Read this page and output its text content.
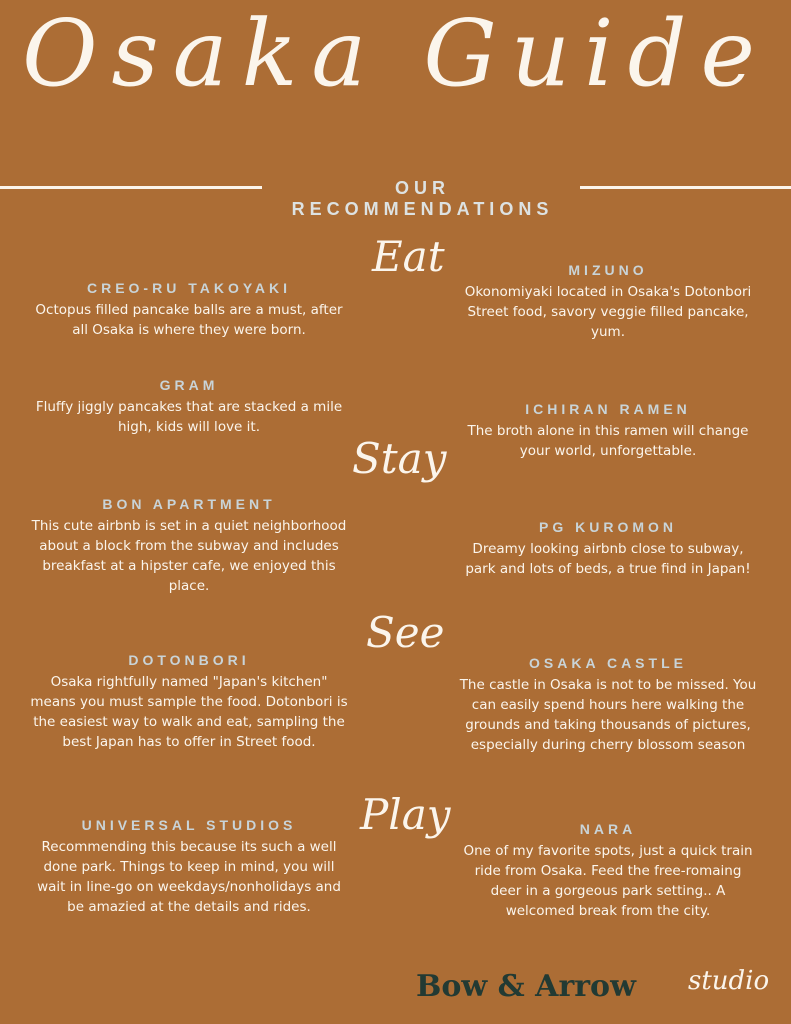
Osaka Guide
OUR RECOMMENDATIONS
Eat
Stay
See
Play
CREO-RU TAKOYAKI
Octopus filled pancake balls are a must, after all Osaka is where they were born.
GRAM
Fluffy jiggly pancakes that are stacked a mile high, kids will love it.
BON APARTMENT
This cute airbnb is set in a quiet neighborhood about a block from the subway and includes breakfast at a hipster cafe, we enjoyed this place.
DOTONBORI
Osaka rightfully named "Japan's kitchen" means you must sample the food. Dotonbori is the easiest way to walk and eat, sampling the best Japan has to offer in Street food.
UNIVERSAL STUDIOS
Recommending this because its such a well done park. Things to keep in mind, you will wait in line-go on weekdays/nonholidays and be amazied at the details and rides.
MIZUNO
Okonomiyaki located in Osaka's Dotonbori Street food, savory veggie filled pancake, yum.
ICHIRAN RAMEN
The broth alone in this ramen will change your world, unforgettable.
PG KUROMON
Dreamy looking airbnb close to subway, park and lots of beds, a true find in Japan!
OSAKA CASTLE
The castle in Osaka is not to be missed. You can easily spend hours here walking the grounds and taking thousands of pictures, especially during cherry blossom season
NARA
One of my favorite spots, just a quick train ride from Osaka. Feed the free-romaing deer in a gorgeous park setting.. A welcomed break from the city.
Bow & Arrow studio
